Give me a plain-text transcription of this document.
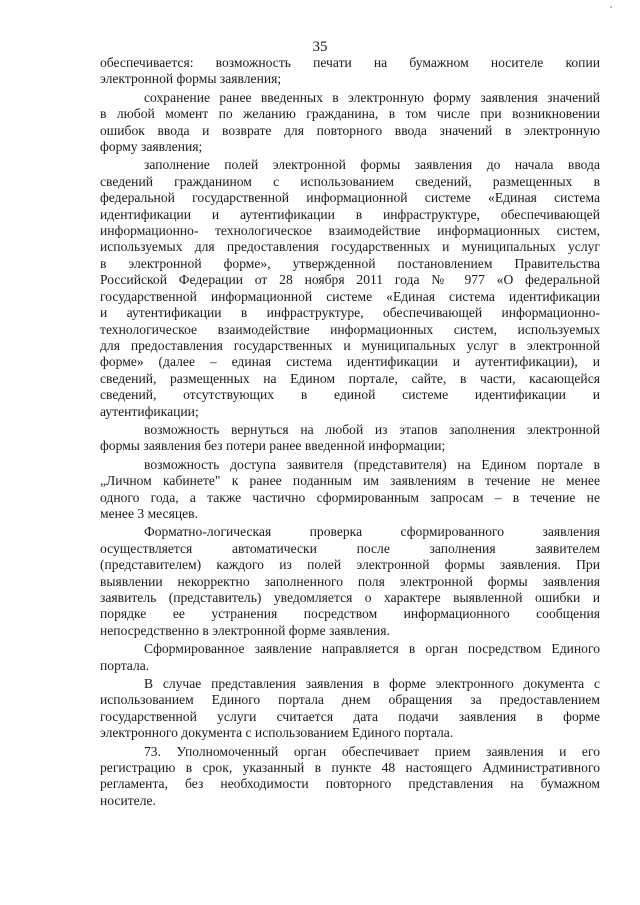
35
обеспечивается: возможность печати на бумажном носителе копии
электронной формы заявления;
сохранение ранее введенных в электронную форму заявления значений
в любой момент по желанию гражданина, в том числе при возникновении
ошибок ввода и возврате для повторного ввода значений в электронную
форму заявления;
заполнение полей электронной формы заявления до начала ввода
сведений гражданином с использованием сведений, размещенных в
федеральной государственной информационной системе «Единая система
идентификации и аутентификации в инфраструктуре, обеспечивающей
информационно- технологическое взаимодействие информационных систем,
используемых для предоставления государственных и муниципальных услуг
в электронной форме», утвержденной постановлением Правительства
Российской Федерации от 28 ноября 2011 года № 977 «О федеральной
государственной информационной системе «Единая система идентификации
и аутентификации в инфраструктуре, обеспечивающей информационно-
технологическое взаимодействие информационных систем, используемых
для предоставления государственных и муниципальных услуг в электронной
форме» (далее – единая система идентификации и аутентификации), и
сведений, размещенных на Едином портале, сайте, в части, касающейся
сведений, отсутствующих в единой системе идентификации и
аутентификации;
возможность вернуться на любой из этапов заполнения электронной
формы заявления без потери ранее введенной информации;
возможность доступа заявителя (представителя) на Едином портале в
„Личном кабинете" к ранее поданным им заявлениям в течение не менее
одного года, а также частично сформированным запросам – в течение не
менее 3 месяцев.
Форматно-логическая проверка сформированного заявления
осуществляется автоматически после заполнения заявителем
(представителем) каждого из полей электронной формы заявления. При
выявлении некорректно заполненного поля электронной формы заявления
заявитель (представитель) уведомляется о характере выявленной ошибки и
порядке ее устранения посредством информационного сообщения
непосредственно в электронной форме заявления.
Сформированное заявление направляется в орган посредством Единого
портала.
В случае представления заявления в форме электронного документа с
использованием Единого портала днем обращения за предоставлением
государственной услуги считается дата подачи заявления в форме
электронного документа с использованием Единого портала.
73. Уполномоченный орган обеспечивает прием заявления и его
регистрацию в срок, указанный в пункте 48 настоящего Административного
регламента, без необходимости повторного представления на бумажном
носителе.
